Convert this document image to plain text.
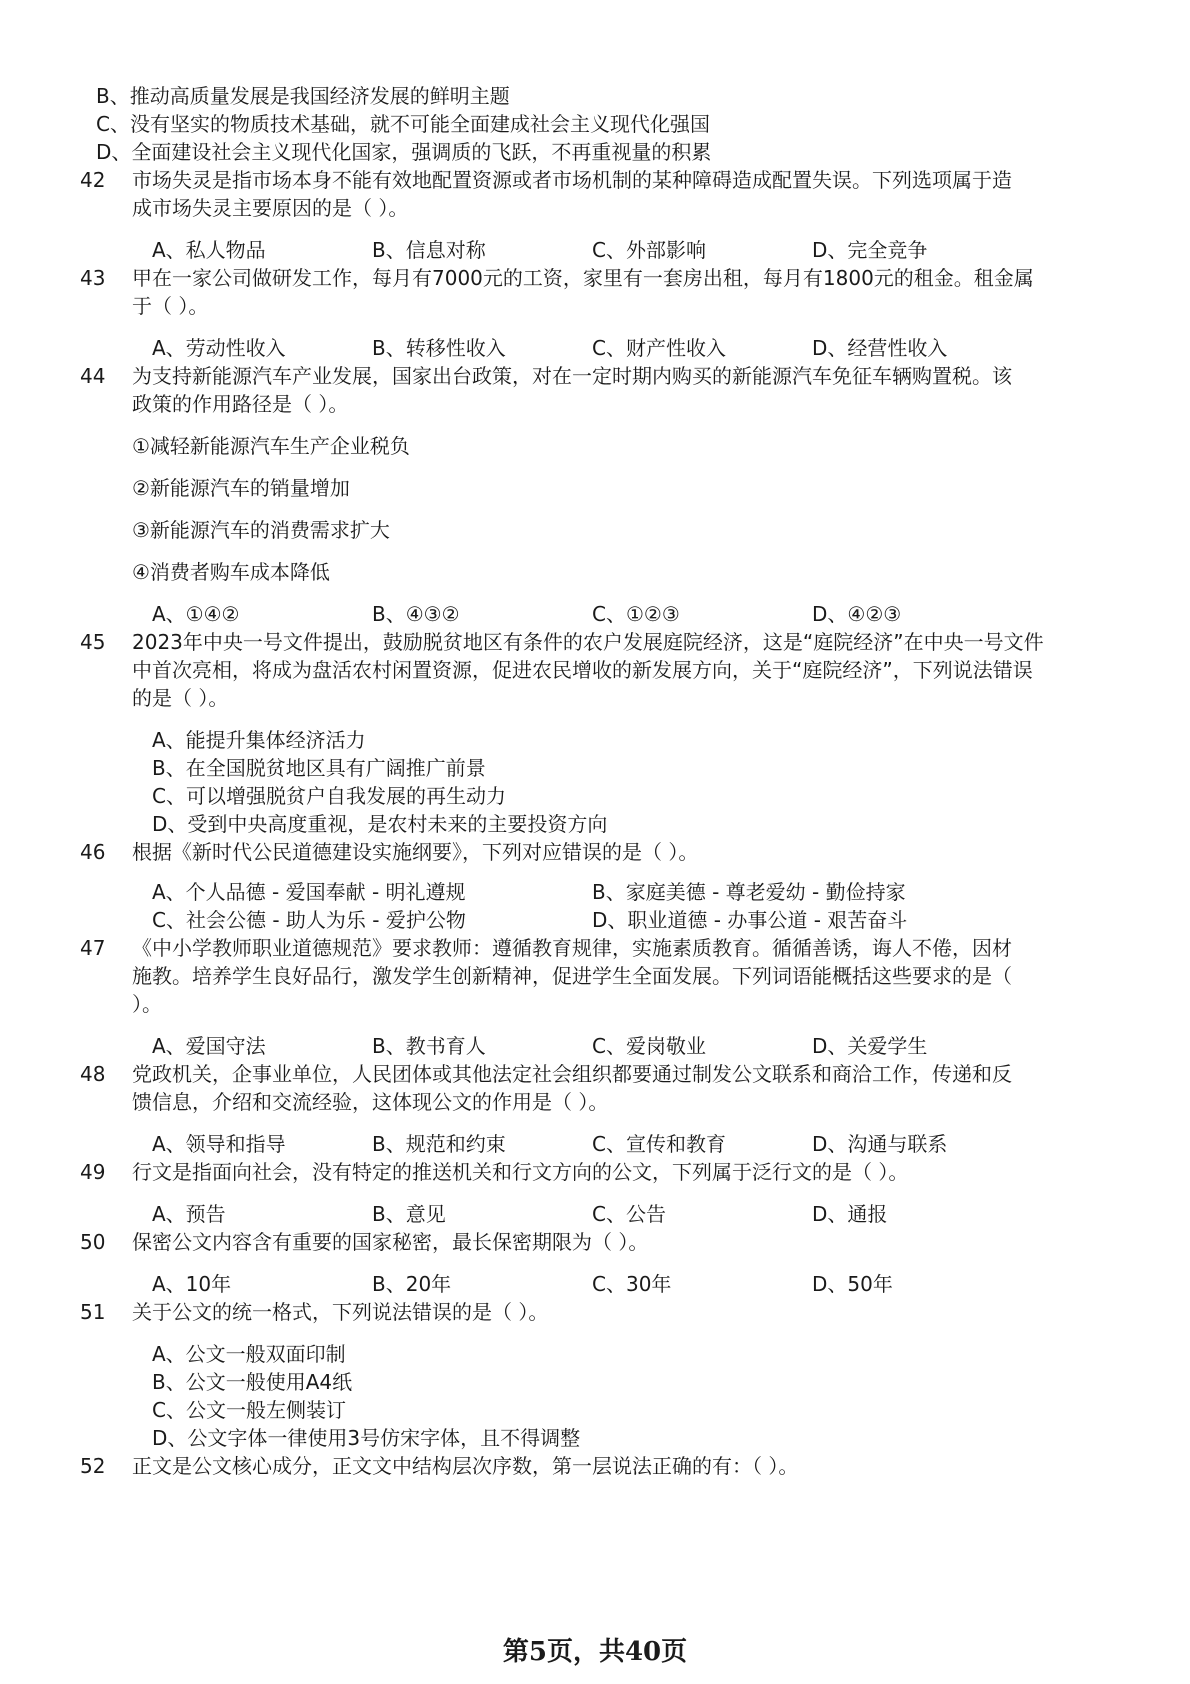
B、推动高质量发展是我国经济发展的鲜明主题
C、没有坚实的物质技术基础，就不可能全面建成社会主义现代化强国
D、全面建设社会主义现代化国家，强调质的飞跃，不再重视量的积累
42	市场失灵是指市场本身不能有效地配置资源或者市场机制的某种障碍造成配置失误。下列选项属于造
成市场失灵主要原因的是（ ）。
A、私人物品	B、信息对称	C、外部影响	D、完全竞争
43	甲在一家公司做研发工作，每月有7000元的工资，家里有一套房出租，每月有1800元的租金。租金属
于（ ）。
A、劳动性收入	B、转移性收入	C、财产性收入	D、经营性收入
44	为支持新能源汽车产业发展，国家出台政策，对在一定时期内购买的新能源汽车免征车辆购置税。该
政策的作用路径是（ ）。
①减轻新能源汽车生产企业税负
②新能源汽车的销量增加
③新能源汽车的消费需求扩大
④消费者购车成本降低
A、①④②	B、④③②	C、①②③	D、④②③
45	2023年中央一号文件提出，鼓励脱贫地区有条件的农户发展庭院经济，这是“庭院经济”在中央一号文件
中首次亮相，将成为盘活农村闲置资源，促进农民增收的新发展方向，关于“庭院经济”，下列说法错误
的是（ ）。
A、能提升集体经济活力
B、在全国脱贫地区具有广阔推广前景
C、可以增强脱贫户自我发展的再生动力
D、受到中央高度重视，是农村未来的主要投资方向
46	根据《新时代公民道德建设实施纲要》，下列对应错误的是（ ）。
A、个人品德 - 爱国奉献 - 明礼遵规	B、家庭美德 - 尊老爱幼 - 勤俭持家
C、社会公德 - 助人为乐 - 爱护公物	D、职业道德 - 办事公道 - 艰苦奋斗
47	《中小学教师职业道德规范》要求教师：遵循教育规律，实施素质教育。循循善诱，诲人不倦，因材
施教。培养学生良好品行，激发学生创新精神，促进学生全面发展。下列词语能概括这些要求的是（
）。
A、爱国守法	B、教书育人	C、爱岗敬业	D、关爱学生
48	党政机关，企事业单位，人民团体或其他法定社会组织都要通过制发公文联系和商洽工作，传递和反
馈信息，介绍和交流经验，这体现公文的作用是（ ）。
A、领导和指导	B、规范和约束	C、宣传和教育	D、沟通与联系
49	行文是指面向社会，没有特定的推送机关和行文方向的公文，下列属于泛行文的是（ ）。
A、预告	B、意见	C、公告	D、通报
50	保密公文内容含有重要的国家秘密，最长保密期限为（ ）。
A、10年	B、20年	C、30年	D、50年
51	关于公文的统一格式，下列说法错误的是（ ）。
A、公文一般双面印制
B、公文一般使用A4纸
C、公文一般左侧装订
D、公文字体一律使用3号仿宋字体，且不得调整
52	正文是公文核心成分，正文文中结构层次序数，第一层说法正确的有：（ ）。
第5页，共40页
